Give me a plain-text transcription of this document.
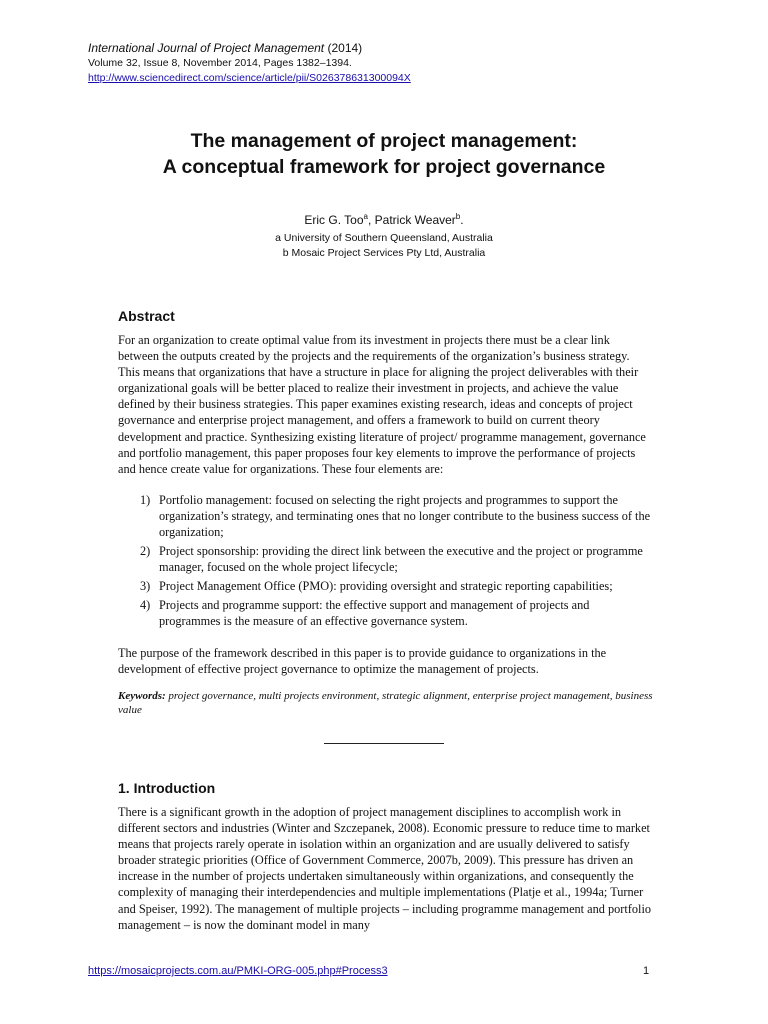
International Journal of Project Management (2014)
Volume 32, Issue 8, November 2014, Pages 1382–1394.
http://www.sciencedirect.com/science/article/pii/S026378631300094X
The management of project management:
A conceptual framework for project governance
Eric G. Too$^a$, Patrick Weaver$^b$.
a University of Southern Queensland, Australia
b Mosaic Project Services Pty Ltd, Australia
Abstract

For an organization to create optimal value from its investment in projects there must be a clear link between the outputs created by the projects and the requirements of the organization’s business strategy. This means that organizations that have a structure in place for aligning the project deliverables with their organizational goals will be better placed to realize their investment in projects, and achieve the value defined by their business strategies. This paper examines existing research, ideas and concepts of project governance and enterprise project management, and offers a framework to build on current theory development and practice. Synthesizing existing literature of project/ programme management, governance and portfolio management, this paper proposes four key elements to improve the performance of projects and hence create value for organizations. These four elements are:

1) Portfolio management: focused on selecting the right projects and programmes to support the organization’s strategy, and terminating ones that no longer contribute to the business success of the organization;
2) Project sponsorship: providing the direct link between the executive and the project or programme manager, focused on the whole project lifecycle;
3) Project Management Office (PMO): providing oversight and strategic reporting capabilities;
4) Projects and programme support: the effective support and management of projects and programmes is the measure of an effective governance system.

The purpose of the framework described in this paper is to provide guidance to organizations in the development of effective project governance to optimize the management of projects.

Keywords: project governance, multi projects environment, strategic alignment, enterprise project management, business value
1. Introduction

There is a significant growth in the adoption of project management disciplines to accomplish work in different sectors and industries (Winter and Szczepanek, 2008). Economic pressure to reduce time to market means that projects rarely operate in isolation within an organization and are usually delivered to satisfy broader strategic priorities (Office of Government Commerce, 2007b, 2009). This pressure has driven an increase in the number of projects undertaken simultaneously within organizations, and consequently the complexity of managing their interdependencies and multiple implementations (Platje et al., 1994a; Turner and Speiser, 1992). The management of multiple projects – including programme management and portfolio management – is now the dominant model in many

https://mosaicprojects.com.au/PMKI-ORG-005.php#Process3	1
